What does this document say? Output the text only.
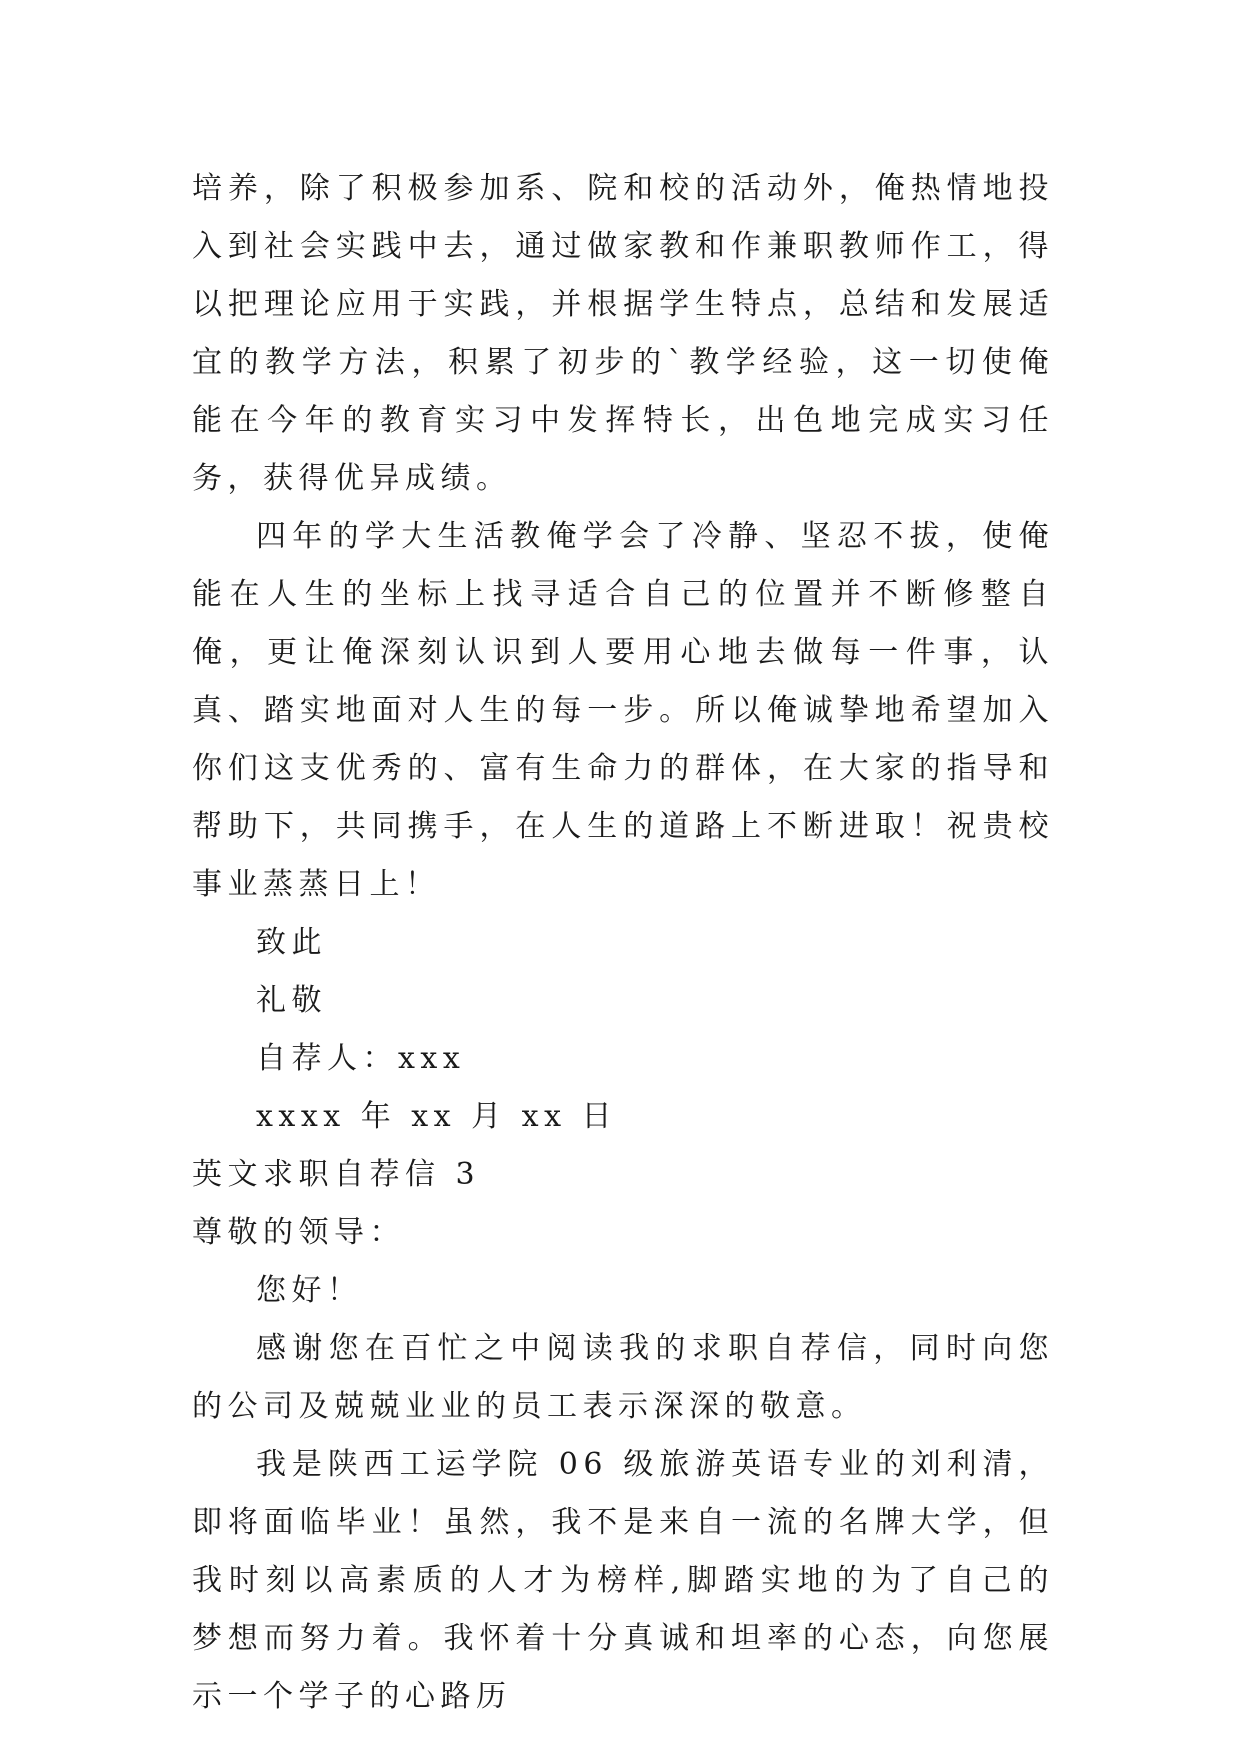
培养，除了积极参加系、院和校的活动外，俺热情地投入到社会实践中去，通过做家教和作兼职教师作工，得以把理论应用于实践，并根据学生特点，总结和发展适宜的教学方法，积累了初步的`教学经验，这一切使俺能在今年的教育实习中发挥特长，出色地完成实习任务，获得优异成绩。

四年的学大生活教俺学会了冷静、坚忍不拔，使俺能在人生的坐标上找寻适合自己的位置并不断修整自俺，更让俺深刻认识到人要用心地去做每一件事，认真、踏实地面对人生的每一步。所以俺诚挚地希望加入你们这支优秀的、富有生命力的群体，在大家的指导和帮助下，共同携手，在人生的道路上不断进取！祝贵校事业蒸蒸日上！

致此

礼敬

自荐人：xxx

xxxx 年 xx 月 xx 日

英文求职自荐信 3

尊敬的领导：

您好！

感谢您在百忙之中阅读我的求职自荐信，同时向您的公司及兢兢业业的员工表示深深的敬意。

我是陕西工运学院 06 级旅游英语专业的刘利清，即将面临毕业！虽然，我不是来自一流的名牌大学，但我时刻以高素质的人才为榜样,脚踏实地的为了自己的梦想而努力着。我怀着十分真诚和坦率的心态，向您展示一个学子的心路历
